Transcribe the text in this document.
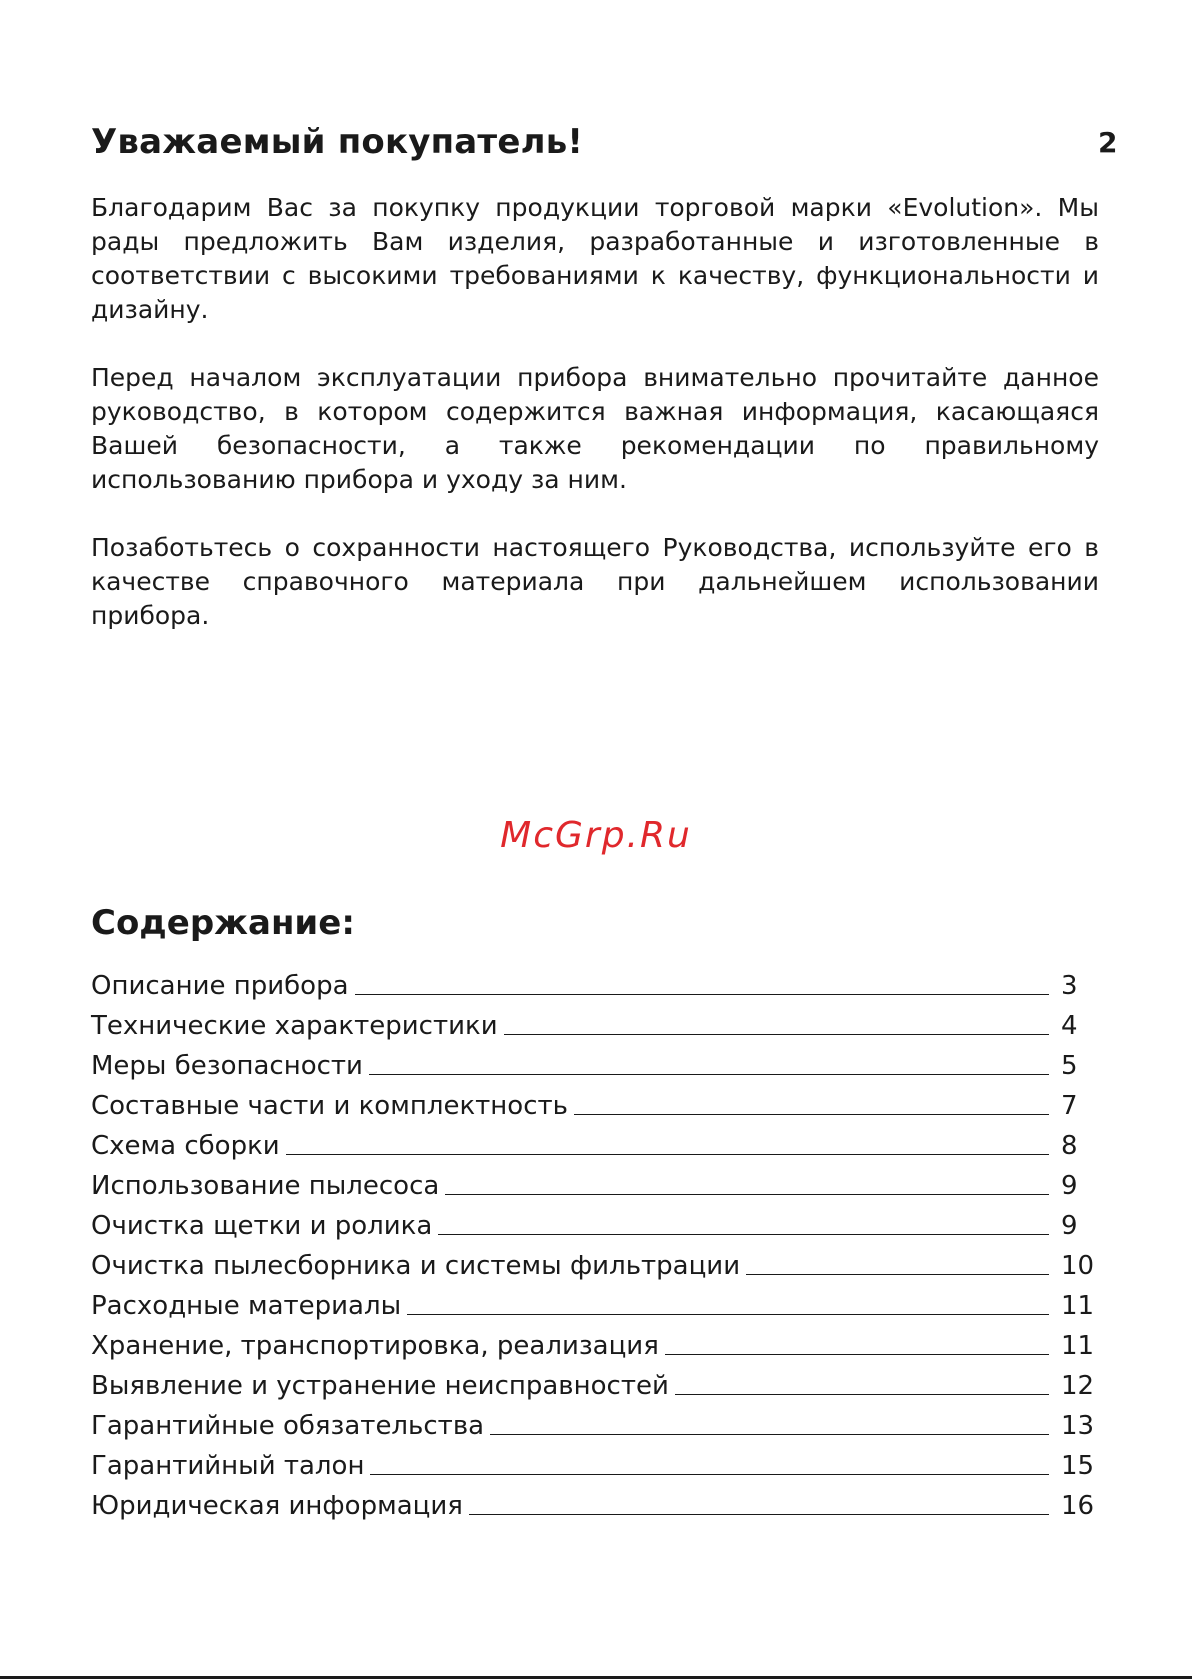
Уважаемый покупатель!	2

Благодарим Вас за покупку продукции торговой марки «Evolution». Мы рады предложить Вам изделия, разработанные и изготовленные в соответствии с высокими требованиями к качеству, функциональности и дизайну.

Перед началом эксплуатации прибора внимательно прочитайте данное руководство, в котором содержится важная информация, касающаяся Вашей безопасности, а также рекомендации по правильному использованию прибора и уходу за ним.

Позаботьтесь о сохранности настоящего Руководства, используйте его в качестве справочного материала при дальнейшем использовании прибора.

McGrp.Ru
Содержание:
Описание прибора	3
Технические характеристики	4
Меры безопасности	5
Составные части и комплектность	7
Схема сборки	8
Использование пылесоса	9
Очистка щетки и ролика	9
Очистка пылесборника и системы фильтрации	10
Расходные материалы	11
Хранение, транспортировка, реализация	11
Выявление и устранение неисправностей	12
Гарантийные обязательства	13
Гарантийный талон	15
Юридическая информация	16
